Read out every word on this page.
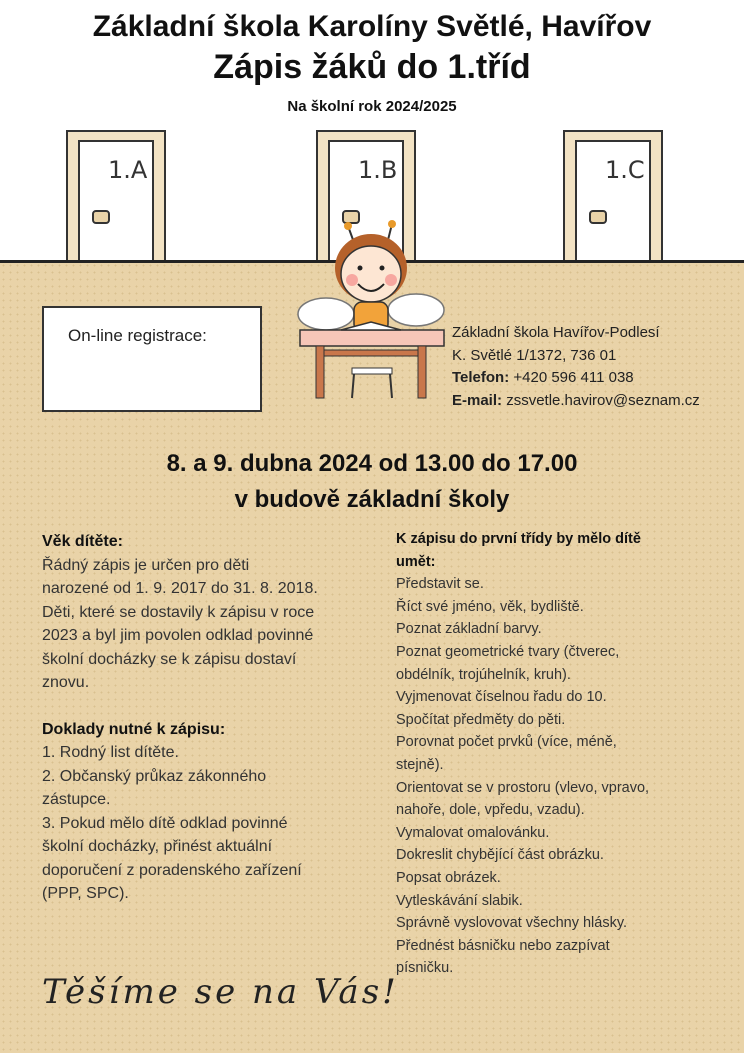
Základní škola Karolíny Světlé, Havířov
Zápis žáků do 1.tříd
Na školní rok 2024/2025
1.A	1.B	1.C
On-line registrace:	Základní škola Havířov-Podlesí
K. Světlé 1/1372, 736 01
Telefon: +420 596 411 038
E-mail: zssvetle.havirov@seznam.cz
8. a 9. dubna 2024 od 13.00 do 17.00
v budově základní školy
Věk dítěte:
Řádný zápis je určen pro děti
narozené od 1. 9. 2017 do 31. 8. 2018.
Děti, které se dostavily k zápisu v roce
2023 a byl jim povolen odklad povinné
školní docházky se k zápisu dostaví
znovu.
Doklady nutné k zápisu:
1. Rodný list dítěte.
2. Občanský průkaz zákonného
zástupce.
3. Pokud mělo dítě odklad povinné
školní docházky, přinést aktuální
doporučení z poradenského zařízení
(PPP, SPC).
K zápisu do první třídy by mělo dítě
umět:
Představit se.
Říct své jméno, věk, bydliště.
Poznat základní barvy.
Poznat geometrické tvary (čtverec,
obdélník, trojúhelník, kruh).
Vyjmenovat číselnou řadu do 10.
Spočítat předměty do pěti.
Porovnat počet prvků (více, méně,
stejně).
Orientovat se v prostoru (vlevo, vpravo,
nahoře, dole, vpředu, vzadu).
Vymalovat omalovánku.
Dokreslit chybějící část obrázku.
Popsat obrázek.
Vytleskávání slabik.
Správně vyslovovat všechny hlásky.
Přednést básničku nebo zazpívat
písničku.
Těšíme se na Vás!
